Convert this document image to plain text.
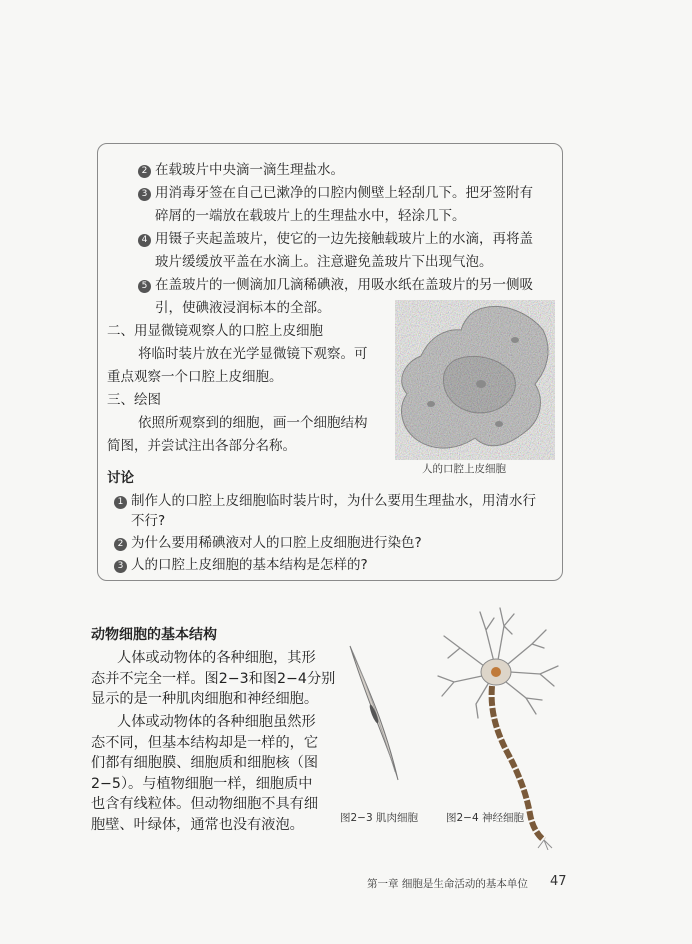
2 在载玻片中央滴一滴生理盐水。
3 用消毒牙签在自己已漱净的口腔内侧壁上轻刮几下。把牙签附有
碎屑的一端放在载玻片上的生理盐水中，轻涂几下。
4 用镊子夹起盖玻片，使它的一边先接触载玻片上的水滴，再将盖
玻片缓缓放平盖在水滴上。注意避免盖玻片下出现气泡。
5 在盖玻片的一侧滴加几滴稀碘液，用吸水纸在盖玻片的另一侧吸
引，使碘液浸润标本的全部。
二、用显微镜观察人的口腔上皮细胞
将临时装片放在光学显微镜下观察。可
重点观察一个口腔上皮细胞。
三、绘图
依照所观察到的细胞，画一个细胞结构
简图，并尝试注出各部分名称。
人的口腔上皮细胞
讨论
1 制作人的口腔上皮细胞临时装片时，为什么要用生理盐水，用清水行
不行?
2 为什么要用稀碘液对人的口腔上皮细胞进行染色?
3 人的口腔上皮细胞的基本结构是怎样的?
动物细胞的基本结构
人体或动物体的各种细胞，其形
态并不完全一样。图2−3和图2−4分别
显示的是一种肌肉细胞和神经细胞。
人体或动物体的各种细胞虽然形
态不同，但基本结构却是一样的，它
们都有细胞膜、细胞质和细胞核（图
2−5）。与植物细胞一样，细胞质中
也含有线粒体。但动物细胞不具有细
胞壁、叶绿体，通常也没有液泡。	图2−3 肌肉细胞	图2−4 神经细胞
第一章 细胞是生命活动的基本单位 47
